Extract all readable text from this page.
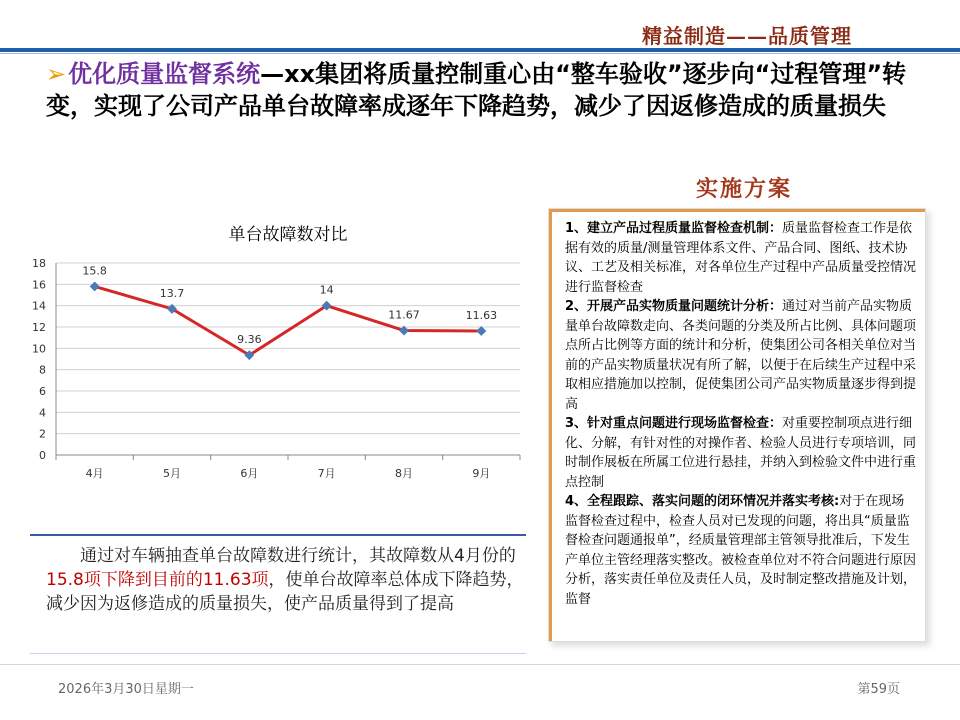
精益制造——品质管理
➢优化质量监督系统—xx集团将质量控制重心由“整车验收”逐步向“过程管理”转变，实现了公司产品单台故障率成逐年下降趋势，减少了因返修造成的质量损失
单台故障数对比
0
2
4
6
8
10
12
14
16
18
4月	5月	6月	7月	8月	9月
15.8
13.7
9.36
14
11.67	11.63
实施方案

1、建立产品过程质量监督检查机制：质量监督检查工作是依据有效的质量/测量管理体系文件、产品合同、图纸、技术协议、工艺及相关标准，对各单位生产过程中产品质量受控情况进行监督检查

2、开展产品实物质量问题统计分析：通过对当前产品实物质量单台故障数走向、各类问题的分类及所占比例、具体问题项点所占比例等方面的统计和分析，使集团公司各相关单位对当前的产品实物质量状况有所了解，以便于在后续生产过程中采取相应措施加以控制，促使集团公司产品实物质量逐步得到提高

3、针对重点问题进行现场监督检查：对重要控制项点进行细化、分解，有针对性的对操作者、检验人员进行专项培训，同时制作展板在所属工位进行悬挂，并纳入到检验文件中进行重点控制

4、全程跟踪、落实问题的闭环情况并落实考核:对于在现场监督检查过程中，检查人员对已发现的问题，将出具“质量监督检查问题通报单”，经质量管理部主管领导批准后，下发生产单位主管经理落实整改。被检查单位对不符合问题进行原因分析，落实责任单位及责任人员，及时制定整改措施及计划，监督

通过对车辆抽查单台故障数进行统计，其故障数从4月份的15.8项下降到目前的11.63项，使单台故障率总体成下降趋势，减少因为返修造成的质量损失，使产品质量得到了提高
2026年3月30日星期一	第59页
